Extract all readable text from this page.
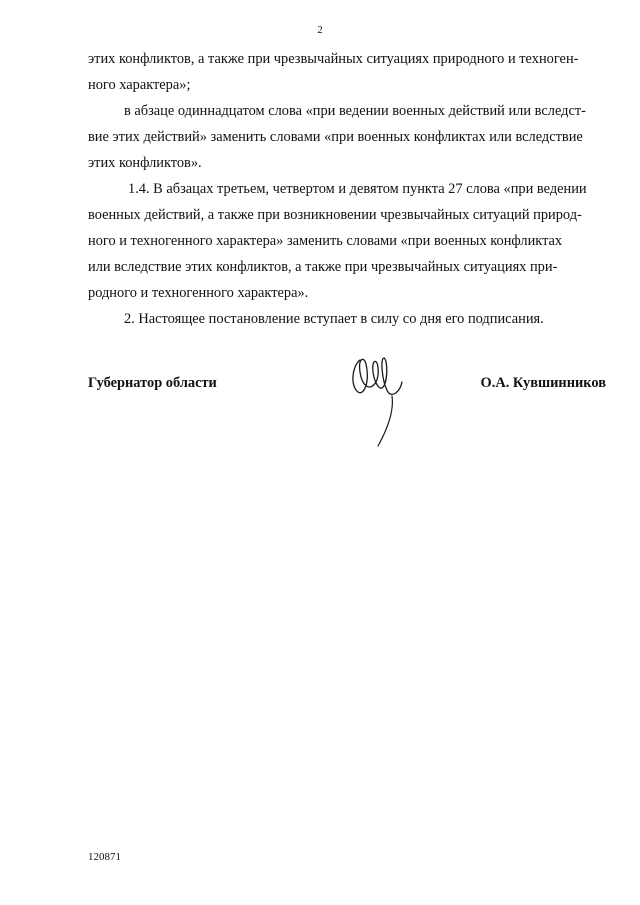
2
этих конфликтов, а также при чрезвычайных ситуациях природного и техноген-
ного характера»;
в абзаце одиннадцатом слова «при ведении военных действий или вследст-
вие этих действий» заменить словами «при военных конфликтах или вследствие
этих конфликтов».
1.4. В абзацах третьем, четвертом и девятом пункта 27 слова «при ведении
военных действий, а также при возникновении чрезвычайных ситуаций природ-
ного и техногенного характера» заменить словами «при военных конфликтах
или вследствие этих конфликтов, а также при чрезвычайных ситуациях при-
родного и техногенного характера».
2. Настоящее постановление вступает в силу со дня его подписания.
Губернатор области	О.А. Кувшинников
120871
